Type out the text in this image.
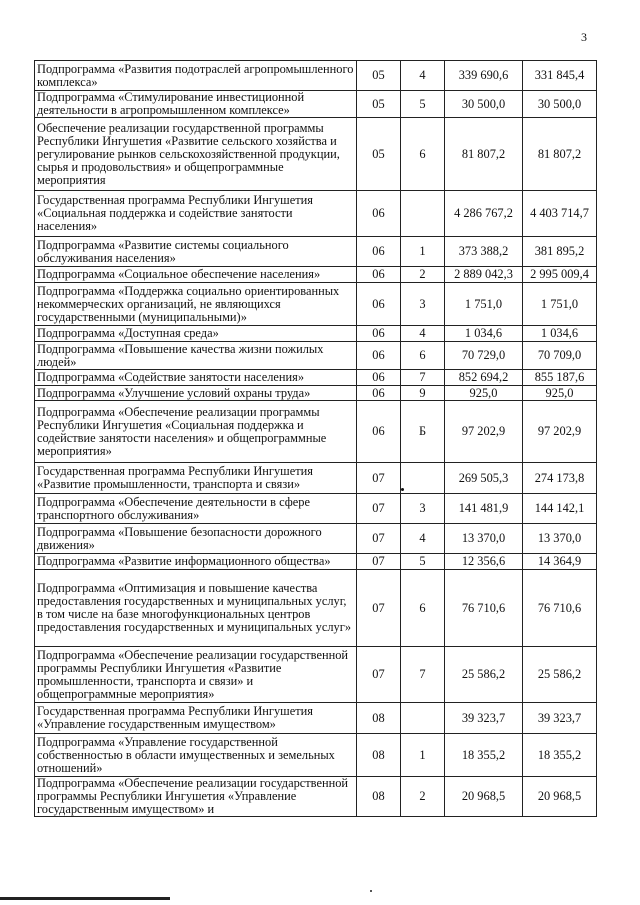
3
Подпрограмма «Развития подотраслей агропромышленного комплекса»	05	4	339 690,6	331 845,4
Подпрограмма «Стимулирование инвестиционной деятельности в агропромышленном комплексе»	05	5	30 500,0	30 500,0
Обеспечение реализации государственной программы Республики Ингушетия «Развитие сельского хозяйства и регулирование рынков сельскохозяйственной продукции, сырья и продовольствия» и общепрограммные мероприятия	05	6	81 807,2	81 807,2
Государственная программа Республики Ингушетия «Социальная поддержка и содействие занятости населения»	06		4 286 767,2	4 403 714,7
Подпрограмма «Развитие системы социального обслуживания населения»	06	1	373 388,2	381 895,2
Подпрограмма «Социальное обеспечение населения»	06	2	2 889 042,3	2 995 009,4
Подпрограмма «Поддержка социально ориентированных некоммерческих организаций, не являющихся государственными (муниципальными)»	06	3	1 751,0	1 751,0
Подпрограмма «Доступная среда»	06	4	1 034,6	1 034,6
Подпрограмма «Повышение качества жизни пожилых людей»	06	6	70 729,0	70 709,0
Подпрограмма «Содействие занятости населения»	06	7	852 694,2	855 187,6
Подпрограмма «Улучшение условий охраны труда»	06	9	925,0	925,0
Подпрограмма «Обеспечение реализации программы Республики Ингушетия «Социальная поддержка и содействие занятости населения» и общепрограммные мероприятия»	06	Б	97 202,9	97 202,9
Государственная программа Республики Ингушетия «Развитие промышленности, транспорта и связи»	07		269 505,3	274 173,8
Подпрограмма «Обеспечение деятельности в сфере транспортного обслуживания»	07	3	141 481,9	144 142,1
Подпрограмма «Повышение безопасности дорожного движения»	07	4	13 370,0	13 370,0
Подпрограмма «Развитие информационного общества»	07	5	12 356,6	14 364,9
Подпрограмма «Оптимизация и повышение качества предоставления государственных и муниципальных услуг, в том числе на базе многофункциональных центров предоставления государственных и муниципальных услуг»	07	6	76 710,6	76 710,6
Подпрограмма «Обеспечение реализации государственной программы Республики Ингушетия «Развитие промышленности, транспорта и связи» и общепрограммные мероприятия»	07	7	25 586,2	25 586,2
Государственная программа Республики Ингушетия «Управление государственным имуществом»	08		39 323,7	39 323,7
Подпрограмма «Управление государственной собственностью в области имущественных и земельных отношений»	08	1	18 355,2	18 355,2
Подпрограмма «Обеспечение реализации государственной программы Республики Ингушетия «Управление государственным имуществом» и	08	2	20 968,5	20 968,5
